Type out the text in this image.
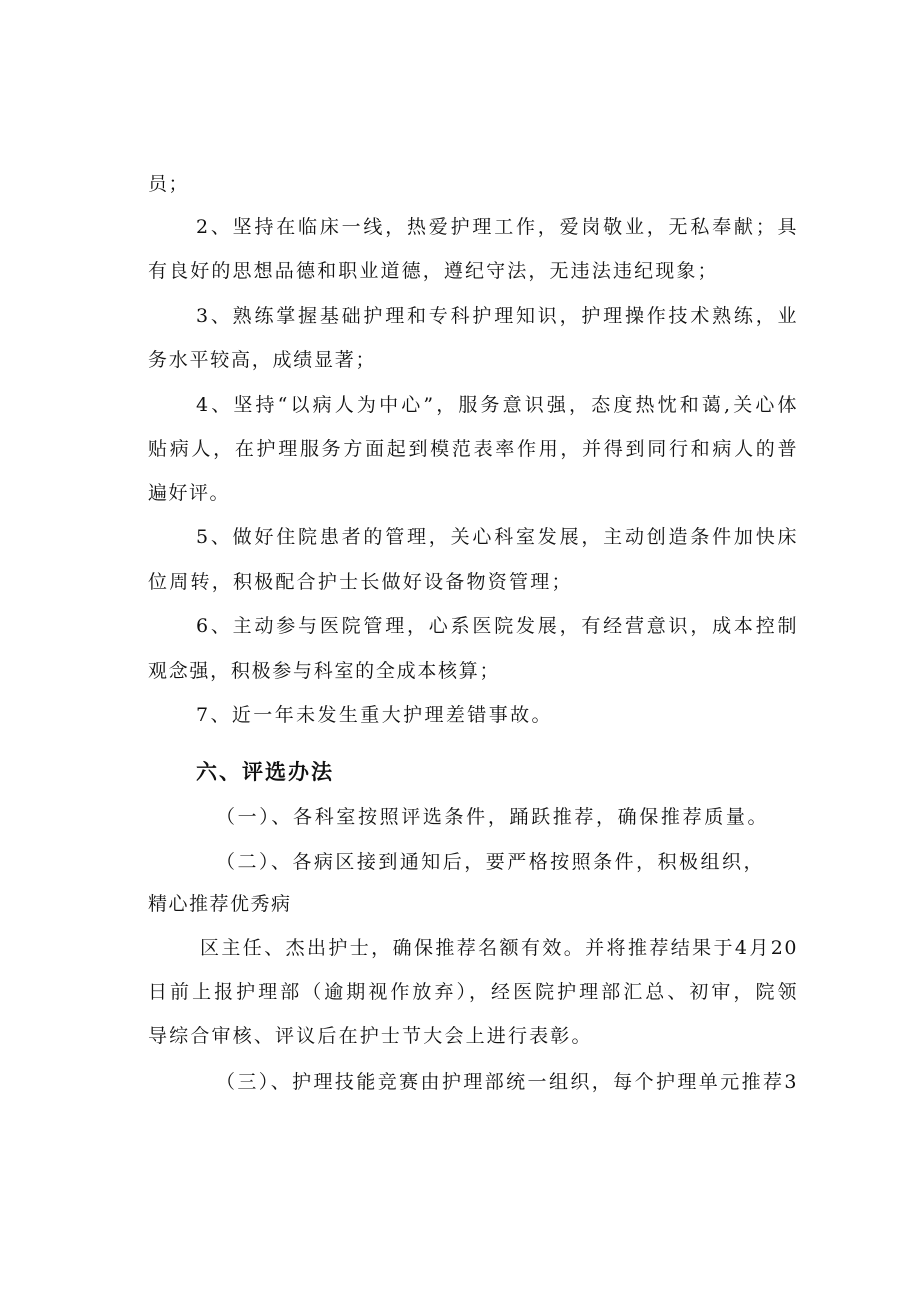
员；

2、坚持在临床一线，热爱护理工作，爱岗敬业，无私奉献；具

有良好的思想品德和职业道德，遵纪守法，无违法违纪现象；

3、熟练掌握基础护理和专科护理知识，护理操作技术熟练，业

务水平较高，成绩显著；

4、坚持“以病人为中心”，服务意识强，态度热忱和蔼,关心体

贴病人，在护理服务方面起到模范表率作用，并得到同行和病人的普

遍好评。

5、做好住院患者的管理，关心科室发展，主动创造条件加快床

位周转，积极配合护士长做好设备物资管理；

6、主动参与医院管理，心系医院发展，有经营意识，成本控制

观念强，积极参与科室的全成本核算；

7、近一年未发生重大护理差错事故。

六、评选办法

（一）、各科室按照评选条件，踊跃推荐，确保推荐质量。

（二）、各病区接到通知后，要严格按照条件，积极组织，

精心推荐优秀病

区主任、杰出护士，确保推荐名额有效。并将推荐结果于4月20

日前上报护理部（逾期视作放弃），经医院护理部汇总、初审，院领

导综合审核、评议后在护士节大会上进行表彰。

（三）、护理技能竞赛由护理部统一组织，每个护理单元推荐3
